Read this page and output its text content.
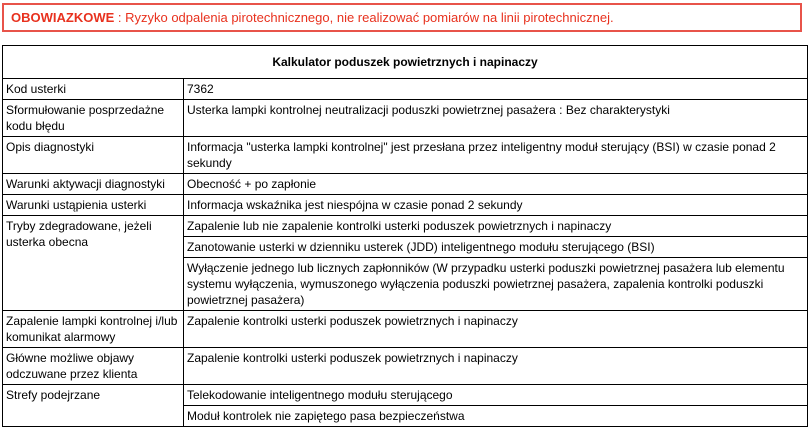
OBOWIAZKOWE : Ryzyko odpalenia pirotechnicznego, nie realizować pomiarów na linii pirotechnicznej.
Kalkulator poduszek powietrznych i napinaczy	
Kod usterki	7362
Sformułowanie posprzedażne kodu błędu	Usterka lampki kontrolnej neutralizacji poduszki powietrznej pasażera : Bez charakterystyki
Opis diagnostyki	Informacja "usterka lampki kontrolnej" jest przesłana przez inteligentny moduł sterujący (BSI) w czasie ponad 2 sekundy
Warunki aktywacji diagnostyki	Obecność + po zapłonie
Warunki ustąpienia usterki	Informacja wskaźnika jest niespójna w czasie ponad 2 sekundy
Tryby zdegradowane, jeżeli usterka obecna	Zapalenie lub nie zapalenie kontrolki usterki poduszek powietrznych i napinaczy
	Zanotowanie usterki w dzienniku usterek (JDD) inteligentnego modułu sterującego (BSI)
	Wyłączenie jednego lub licznych zapłonników (W przypadku usterki poduszki powietrznej pasażera lub elementu systemu wyłączenia, wymuszonego wyłączenia poduszki powietrznej pasażera, zapalenia kontrolki poduszki powietrznej pasażera)
Zapalenie lampki kontrolnej i/lub komunikat alarmowy	Zapalenie kontrolki usterki poduszek powietrznych i napinaczy
Główne możliwe objawy odczuwane przez klienta	Zapalenie kontrolki usterki poduszek powietrznych i napinaczy
Strefy podejrzane	Telekodowanie inteligentnego modułu sterującego
	Moduł kontrolek nie zapiętego pasa bezpieczeństwa
